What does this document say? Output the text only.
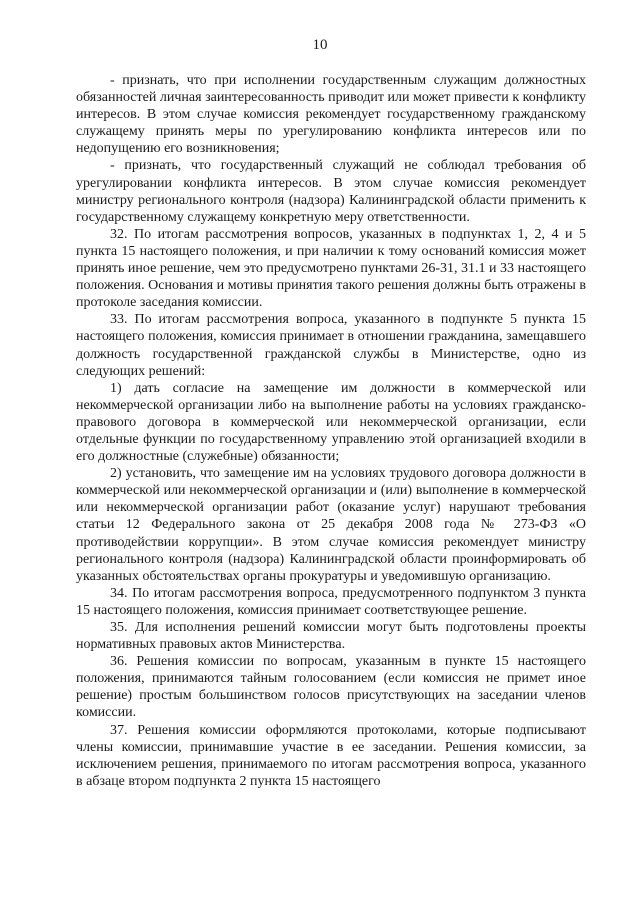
10

- признать, что при исполнении государственным служащим должностных обязанностей личная заинтересованность приводит или может привести к конфликту интересов. В этом случае комиссия рекомендует государственному гражданскому служащему принять меры по урегулированию конфликта интересов или по недопущению его возникновения;

- признать, что государственный служащий не соблюдал требования об урегулировании конфликта интересов. В этом случае комиссия рекомендует министру регионального контроля (надзора) Калининградской области применить к государственному служащему конкретную меру ответственности.

32. По итогам рассмотрения вопросов, указанных в подпунктах 1, 2, 4 и 5 пункта 15 настоящего положения, и при наличии к тому оснований комиссия может принять иное решение, чем это предусмотрено пунктами 26-31, 31.1 и 33 настоящего положения. Основания и мотивы принятия такого решения должны быть отражены в протоколе заседания комиссии.

33. По итогам рассмотрения вопроса, указанного в подпункте 5 пункта 15 настоящего положения, комиссия принимает в отношении гражданина, замещавшего должность государственной гражданской службы в Министерстве, одно из следующих решений:

1) дать согласие на замещение им должности в коммерческой или некоммерческой организации либо на выполнение работы на условиях гражданско-правового договора в коммерческой или некоммерческой организации, если отдельные функции по государственному управлению этой организацией входили в его должностные (служебные) обязанности;

2) установить, что замещение им на условиях трудового договора должности в коммерческой или некоммерческой организации и (или) выполнение в коммерческой или некоммерческой организации работ (оказание услуг) нарушают требования статьи 12 Федерального закона от 25 декабря 2008 года № 273-ФЗ «О противодействии коррупции». В этом случае комиссия рекомендует министру регионального контроля (надзора) Калининградской области проинформировать об указанных обстоятельствах органы прокуратуры и уведомившую организацию.

34. По итогам рассмотрения вопроса, предусмотренного подпунктом 3 пункта 15 настоящего положения, комиссия принимает соответствующее решение.

35. Для исполнения решений комиссии могут быть подготовлены проекты нормативных правовых актов Министерства.

36. Решения комиссии по вопросам, указанным в пункте 15 настоящего положения, принимаются тайным голосованием (если комиссия не примет иное решение) простым большинством голосов присутствующих на заседании членов комиссии.

37. Решения комиссии оформляются протоколами, которые подписывают члены комиссии, принимавшие участие в ее заседании. Решения комиссии, за исключением решения, принимаемого по итогам рассмотрения вопроса, указанного в абзаце втором подпункта 2 пункта 15 настоящего
